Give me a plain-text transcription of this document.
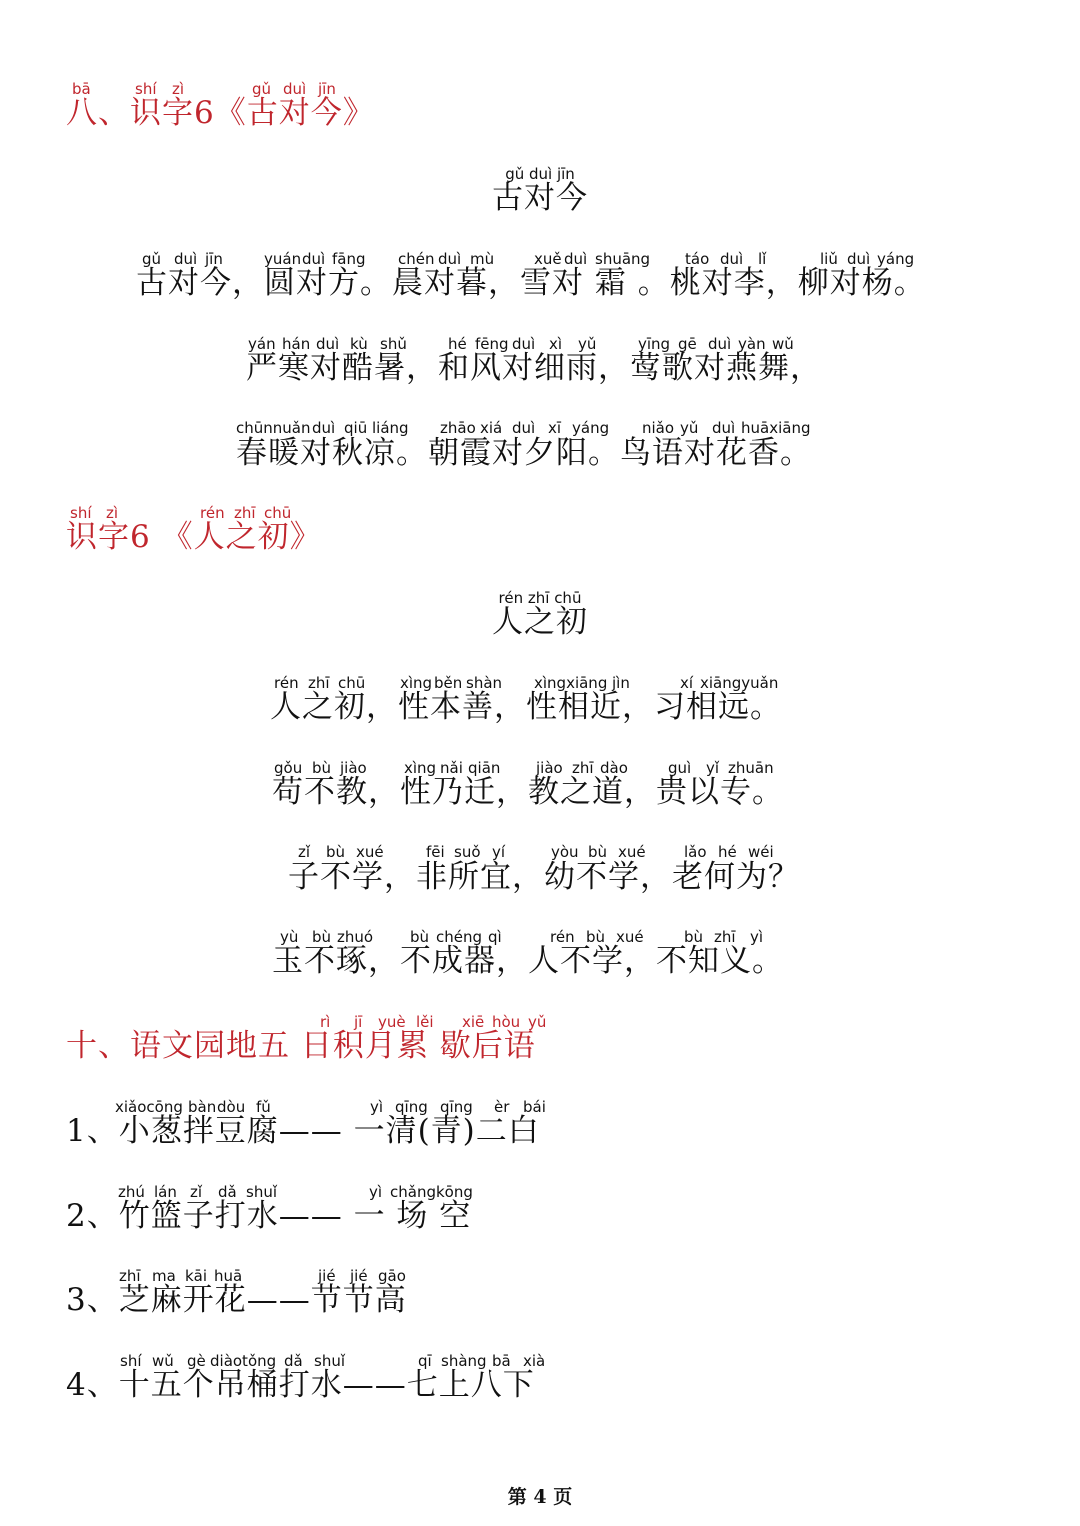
bā	shí zì	gǔ duì jīn
八、识字6《古对今》
gǔ duì jīn
古对今
gǔ duì jīn	yuán duì fāng chén duì mù	xuě duì shuāng táo duì lǐ	liǔ duì yáng
古对今，圆对方。晨对暮，雪对 霜 。桃对李，柳对杨。
yán hán duì kù shǔ	hé fēng duì xì yǔ	yīng gē duì yàn wǔ
严寒对酷暑，和风对细雨，莺歌对燕舞，
chūnnuǎn duì qiū liáng zhāo xiá duì xī yáng niǎo yǔ duì huāxiāng
春暖对秋凉。朝霞对夕阳。鸟语对花香。
shí zì	rén zhī chū
识字6 《人之初》
rén zhī chū
人之初
rén zhī chū xìng běn shàn xìngxiāng jìn	xí xiāngyuǎn
人之初，性本善，性相近，习相远。
gǒu bù jiào xìng nǎi qiān jiào zhī dào	guì yǐ zhuān
苟不教，性乃迁，教之道，贵以专。
zǐ bù xué	fēi suǒ yí	yòu bù xué	lǎo hé wéi
子不学，非所宜，幼不学，老何为？
yù bù zhuó bù chéng qì	rén bù xué	bù zhī yì
玉不琢，不成器，人不学，不知义。
rì jī yuè lěi xiē hòu yǔ
十、语文园地五 日积月累 歇后语
xiǎocōng bàn dòu fǔ	yì qīng qīng èr bái
1、小葱拌豆腐—— 一清(青)二白
zhú lán zǐ dǎ shuǐ	yì chǎngkōng
2、竹篮子打水—— 一 场 空
zhī ma kāi huā	jié jié gāo
3、芝麻开花——节节高
shí wǔ gè diàotǒng dǎ shuǐ	qī shàng bā xià
4、十五个吊桶打水——七上八下
第 4 页
